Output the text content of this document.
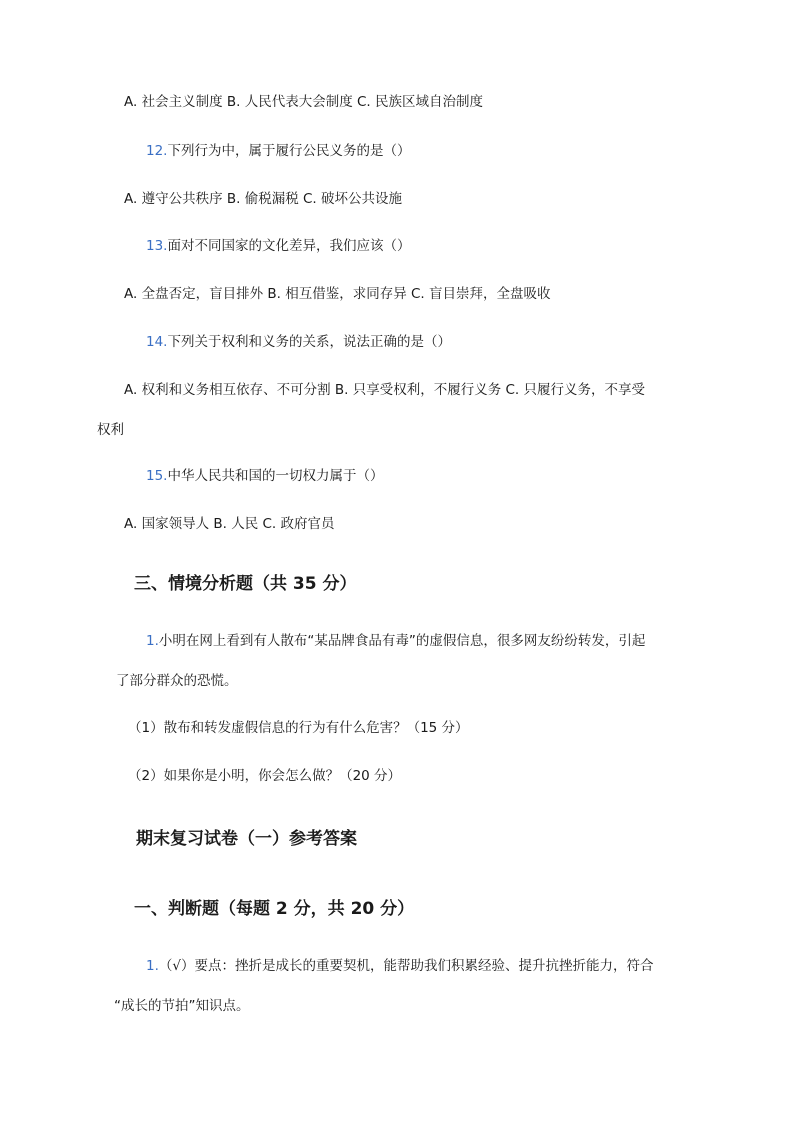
A. 社会主义制度 B. 人民代表大会制度 C. 民族区域自治制度
12.下列行为中，属于履行公民义务的是（）
A. 遵守公共秩序 B. 偷税漏税 C. 破坏公共设施
13.面对不同国家的文化差异，我们应该（）
A. 全盘否定，盲目排外 B. 相互借鉴，求同存异 C. 盲目崇拜，全盘吸收
14.下列关于权利和义务的关系，说法正确的是（）
A. 权利和义务相互依存、不可分割 B. 只享受权利，不履行义务 C. 只履行义务，不享受
权利
15.中华人民共和国的一切权力属于（）
A. 国家领导人 B. 人民 C. 政府官员
三、情境分析题（共 35 分）
1.小明在网上看到有人散布“某品牌食品有毒”的虚假信息，很多网友纷纷转发，引起
了部分群众的恐慌。
（1）散布和转发虚假信息的行为有什么危害？（15 分）
（2）如果你是小明，你会怎么做？（20 分）
期末复习试卷（一）参考答案
一、判断题（每题 2 分，共 20 分）
1.（√）要点：挫折是成长的重要契机，能帮助我们积累经验、提升抗挫折能力，符合
“成长的节拍”知识点。
